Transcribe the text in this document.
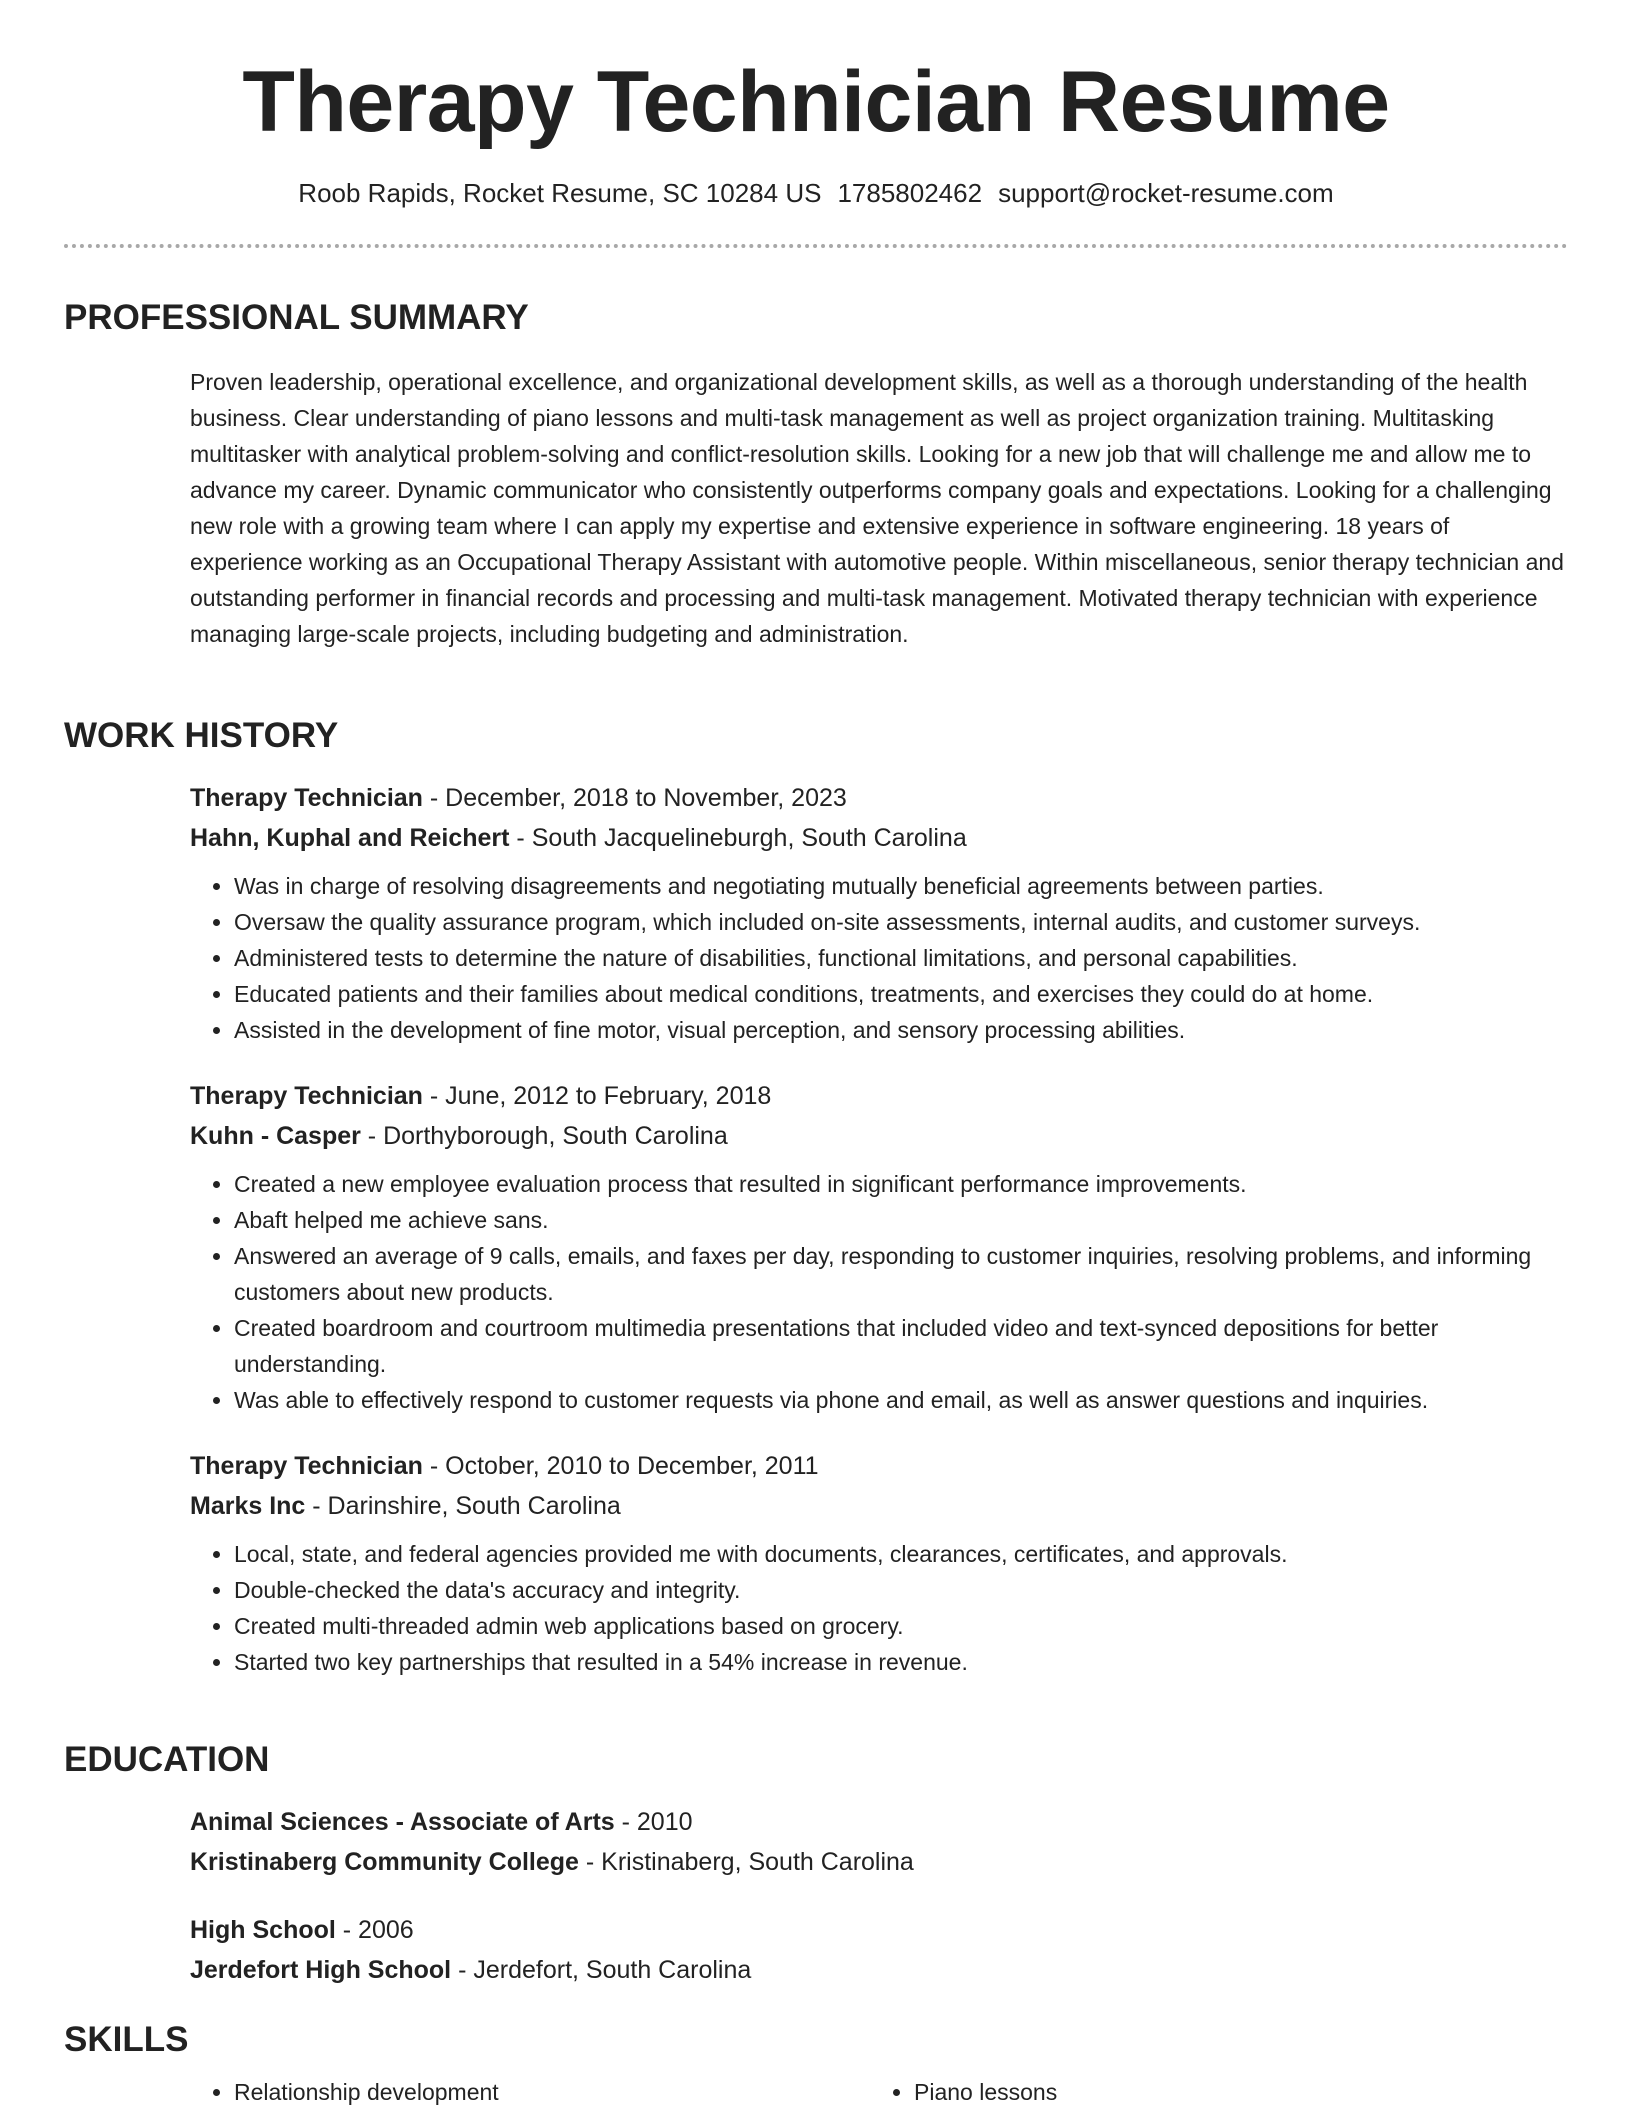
Therapy Technician Resume
Roob Rapids, Rocket Resume, SC 10284 US 1785802462 support@rocket-resume.com
PROFESSIONAL SUMMARY

Proven leadership, operational excellence, and organizational development skills, as well as a thorough understanding of the health business. Clear understanding of piano lessons and multi-task management as well as project organization training. Multitasking multitasker with analytical problem-solving and conflict-resolution skills. Looking for a new job that will challenge me and allow me to advance my career. Dynamic communicator who consistently outperforms company goals and expectations. Looking for a challenging new role with a growing team where I can apply my expertise and extensive experience in software engineering. 18 years of experience working as an Occupational Therapy Assistant with automotive people. Within miscellaneous, senior therapy technician and outstanding performer in financial records and processing and multi-task management. Motivated therapy technician with experience managing large-scale projects, including budgeting and administration.

WORK HISTORY
Therapy Technician - December, 2018 to November, 2023
Hahn, Kuphal and Reichert - South Jacquelineburgh, South Carolina
• Was in charge of resolving disagreements and negotiating mutually beneficial agreements between parties.
• Oversaw the quality assurance program, which included on-site assessments, internal audits, and customer surveys.
• Administered tests to determine the nature of disabilities, functional limitations, and personal capabilities.
• Educated patients and their families about medical conditions, treatments, and exercises they could do at home.
• Assisted in the development of fine motor, visual perception, and sensory processing abilities.
Therapy Technician - June, 2012 to February, 2018
Kuhn - Casper - Dorthyborough, South Carolina
• Created a new employee evaluation process that resulted in significant performance improvements.
• Abaft helped me achieve sans.
• Answered an average of 9 calls, emails, and faxes per day, responding to customer inquiries, resolving problems, and informing customers about new products.
• Created boardroom and courtroom multimedia presentations that included video and text-synced depositions for better understanding.
• Was able to effectively respond to customer requests via phone and email, as well as answer questions and inquiries.
Therapy Technician - October, 2010 to December, 2011
Marks Inc - Darinshire, South Carolina
• Local, state, and federal agencies provided me with documents, clearances, certificates, and approvals.
• Double-checked the data's accuracy and integrity.
• Created multi-threaded admin web applications based on grocery.
• Started two key partnerships that resulted in a 54% increase in revenue.
EDUCATION
Animal Sciences - Associate of Arts - 2010
Kristinaberg Community College - Kristinaberg, South Carolina
High School - 2006
Jerdefort High School - Jerdefort, South Carolina
SKILLS
• Relationship development
•	Piano lessons
